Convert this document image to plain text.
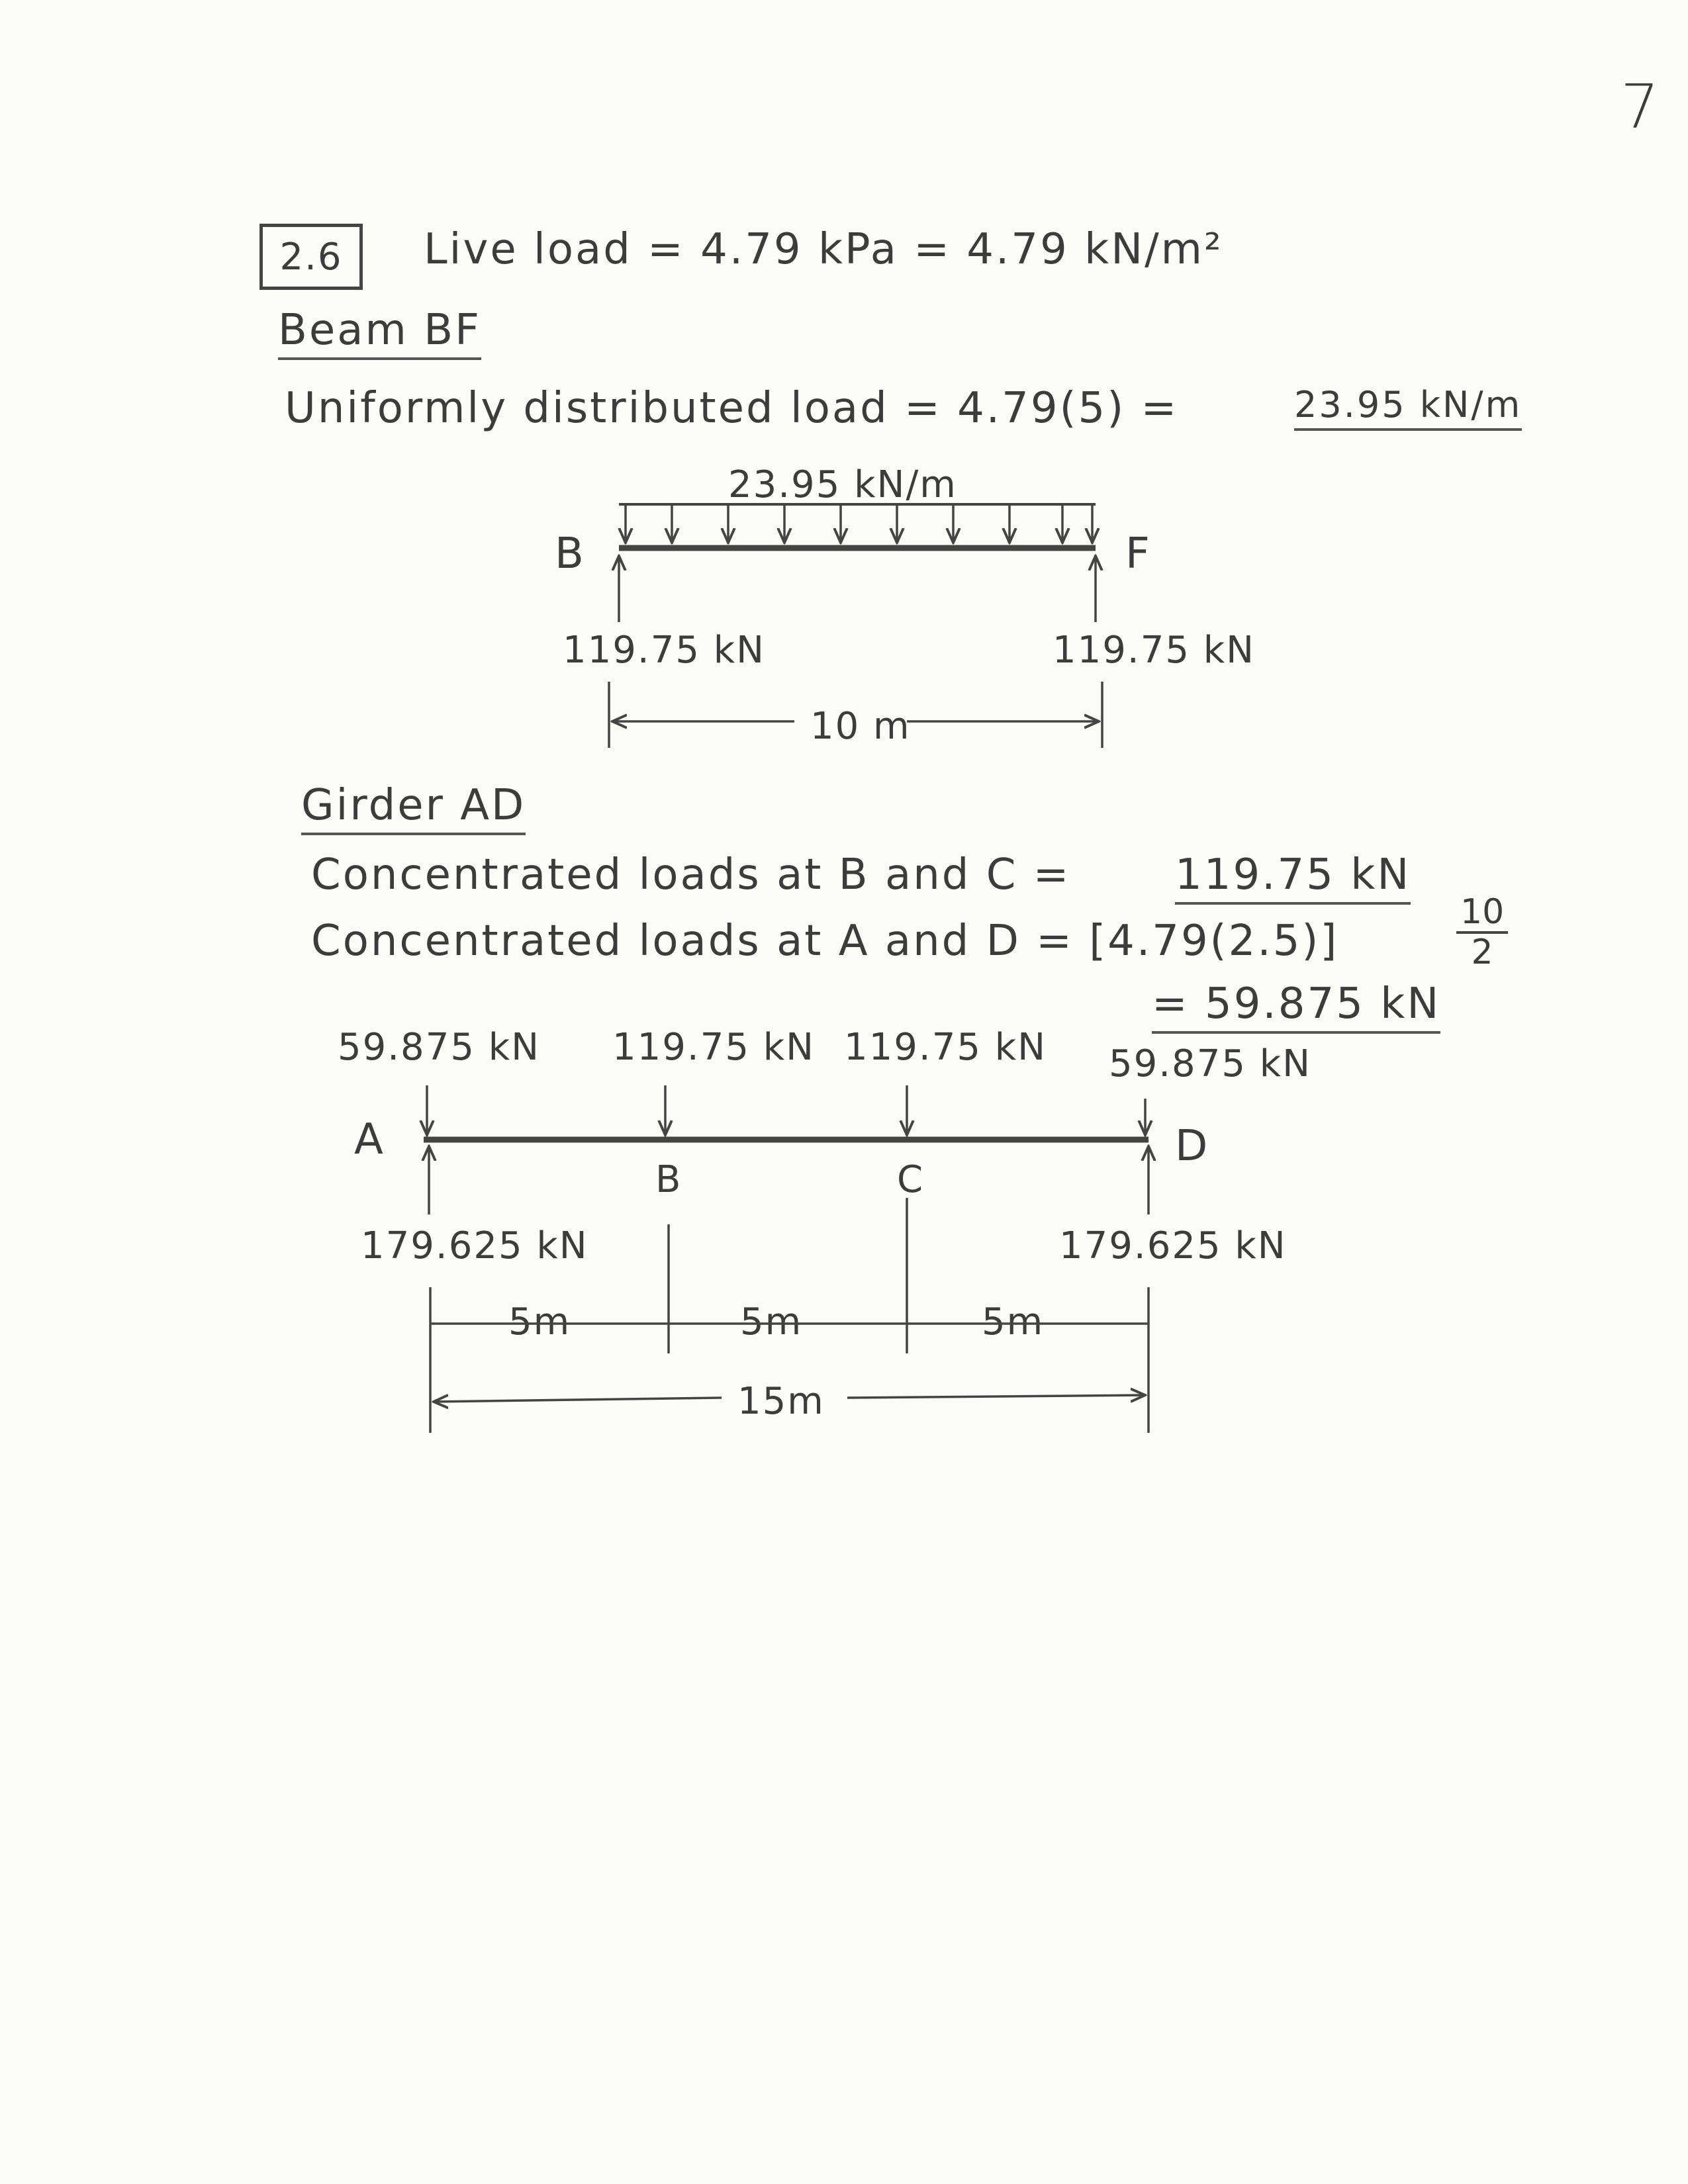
7
2.6	Live load = 4.79 kPa = 4.79 kN/m²
Beam BF
Uniformly distributed load = 4.79(5) =	23.95 kN/m
23.95 kN/m
B	F
119.75 kN	119.75 kN
10 m
Girder AD
Concentrated loads at B and C = 119.75 kN
Concentrated loads at A and D = [4.79(2.5)]	$\frac{10}{2}$
= 59.875 kN
59.875 kN 119.75 kN 119.75 kN 59.875 kN
A
B	C
D
179.625 kN	179.625 kN
5m	5m	5m
15m
